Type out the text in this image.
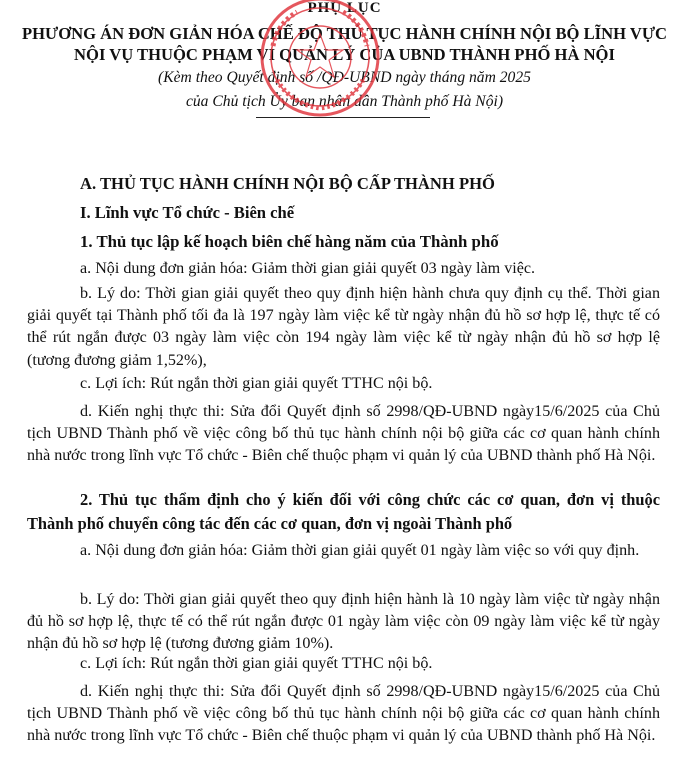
PHỤ LỤC
PHƯƠNG ÁN ĐƠN GIẢN HÓA CHẾ ĐỘ THỦ TỤC HÀNH CHÍNH NỘI BỘ LĨNH VỰC
NỘI VỤ THUỘC PHẠM VI QUẢN LÝ CỦA UBND THÀNH PHỐ HÀ NỘI
(Kèm theo Quyết định số /QĐ-UBND ngày tháng năm 2025
của Chủ tịch Ủy ban nhân dân Thành phố Hà Nội)
A. THỦ TỤC HÀNH CHÍNH NỘI BỘ CẤP THÀNH PHỐ
I. Lĩnh vực Tổ chức - Biên chế
1. Thủ tục lập kế hoạch biên chế hàng năm của Thành phố
a. Nội dung đơn giản hóa: Giảm thời gian giải quyết 03 ngày làm việc.
b. Lý do: Thời gian giải quyết theo quy định hiện hành chưa quy định cụ thể. Thời gian giải quyết tại Thành phố tối đa là 197 ngày làm việc kể từ ngày nhận đủ hồ sơ hợp lệ, thực tế có thể rút ngắn được 03 ngày làm việc còn 194 ngày làm việc kể từ ngày nhận đủ hồ sơ hợp lệ (tương đương giảm 1,52%),
c. Lợi ích: Rút ngắn thời gian giải quyết TTHC nội bộ.
d. Kiến nghị thực thi: Sửa đổi Quyết định số 2998/QĐ-UBND ngày15/6/2025 của Chủ tịch UBND Thành phố về việc công bố thủ tục hành chính nội bộ giữa các cơ quan hành chính nhà nước trong lĩnh vực Tổ chức - Biên chế thuộc phạm vi quản lý của UBND thành phố Hà Nội.
2. Thủ tục thẩm định cho ý kiến đối với công chức các cơ quan, đơn vị thuộc Thành phố chuyển công tác đến các cơ quan, đơn vị ngoài Thành phố
a. Nội dung đơn giản hóa: Giảm thời gian giải quyết 01 ngày làm việc so với quy định.
b. Lý do: Thời gian giải quyết theo quy định hiện hành là 10 ngày làm việc từ ngày nhận đủ hồ sơ hợp lệ, thực tế có thể rút ngắn được 01 ngày làm việc còn 09 ngày làm việc kể từ ngày nhận đủ hồ sơ hợp lệ (tương đương giảm 10%).
c. Lợi ích: Rút ngắn thời gian giải quyết TTHC nội bộ.
d. Kiến nghị thực thi: Sửa đổi Quyết định số 2998/QĐ-UBND ngày15/6/2025 của Chủ tịch UBND Thành phố về việc công bố thủ tục hành chính nội bộ giữa các cơ quan hành chính nhà nước trong lĩnh vực Tổ chức - Biên chế thuộc phạm vi quản lý của UBND thành phố Hà Nội.
